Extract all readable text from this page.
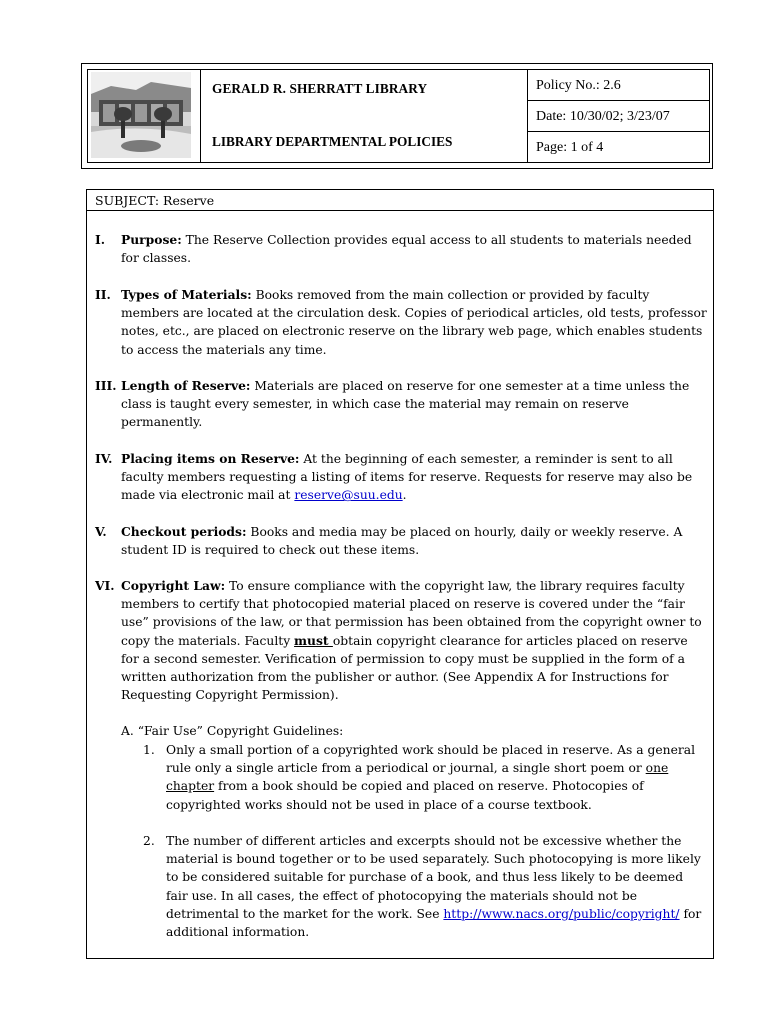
GERALD R. SHERRATT LIBRARY
LIBRARY DEPARTMENTAL POLICIES
Policy No.: 2.6
Date: 10/30/02; 3/23/07
Page: 1 of 4
SUBJECT: Reserve
I. Purpose: The Reserve Collection provides equal access to all students to materials needed for classes.
II. Types of Materials: Books removed from the main collection or provided by faculty members are located at the circulation desk. Copies of periodical articles, old tests, professor notes, etc., are placed on electronic reserve on the library web page, which enables students to access the materials any time.
III. Length of Reserve: Materials are placed on reserve for one semester at a time unless the class is taught every semester, in which case the material may remain on reserve permanently.
IV. Placing items on Reserve: At the beginning of each semester, a reminder is sent to all faculty members requesting a listing of items for reserve. Requests for reserve may also be made via electronic mail at reserve@suu.edu.
V. Checkout periods: Books and media may be placed on hourly, daily or weekly reserve. A student ID is required to check out these items.
VI. Copyright Law: To ensure compliance with the copyright law, the library requires faculty members to certify that photocopied material placed on reserve is covered under the “fair use” provisions of the law, or that permission has been obtained from the copyright owner to copy the materials. Faculty must obtain copyright clearance for articles placed on reserve for a second semester. Verification of permission to copy must be supplied in the form of a written authorization from the publisher or author. (See Appendix A for Instructions for Requesting Copyright Permission).
A. “Fair Use” Copyright Guidelines:
1. Only a small portion of a copyrighted work should be placed in reserve. As a general rule only a single article from a periodical or journal, a single short poem or one chapter from a book should be copied and placed on reserve. Photocopies of copyrighted works should not be used in place of a course textbook.
2. The number of different articles and excerpts should not be excessive whether the material is bound together or to be used separately. Such photocopying is more likely to be considered suitable for purchase of a book, and thus less likely to be deemed fair use. In all cases, the effect of photocopying the materials should not be detrimental to the market for the work. See http://www.nacs.org/public/copyright/ for additional information.
